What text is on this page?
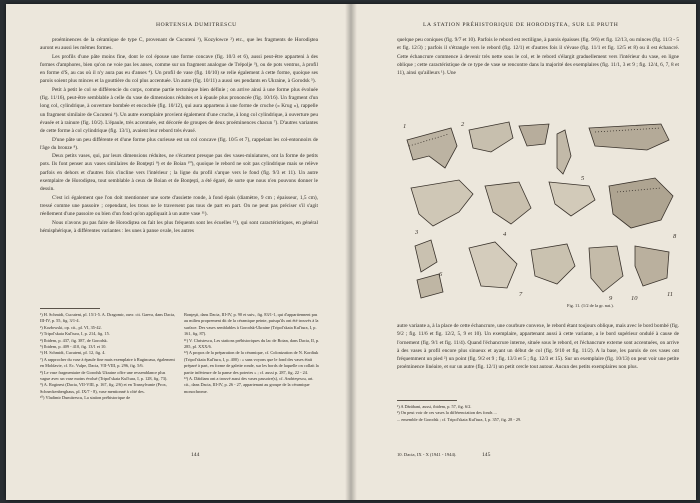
HORTENSIA DUMITRESCU

proéminences de la céramique de type C, provenant de Cucuteni ¹), Kozyłowce ²) etc., que les fragments de Horodiştea auront eu aussi les mêmes formes.

Les profils d'une pâte moins fine, dont le col épouse une forme concave (fig. 10/3 et 6), aussi peut-être apparteni à des formes d'amphores, bien qu'on ne voie pas les anses, comme sur un fragment analogue de Trépolje ³), ou de pots ventrus, à profil en forme d'S, au cas où il n'y aura pas eu d'anses ⁴). Un profil de vase (fig. 10/10) se relie également à cette forme, quoique ses parois soient plus minces et la gouttière du col plus accentuée. Un autre (fig. 10/11) a aussi ses pendants en Ukraine, à Gorodsk ⁵).

Petit à petit le col se différencie du corps, comme partie tectonique bien définie ; on arrive ainsi à une forme plus évoluée (fig. 11/16), peut-être semblable à celle du vase de dimensions réduites et à épaule plus prononcée (fig. 10/16). Un fragment d'un long col, cylindrique, à ouverture bombée et encochée (fig. 10/12), qui aura appartenu à une forme de cruche (« Krug »), rappelle un fragment similaire de Cucuteni ⁶). Un autre exemplaire provient également d'une cruche, à long col cylindrique, à ouverture peu évasée et à rainure (fig. 10/2). L'épaule, très accentuée, est décorée de groupes de deux proéminences chacun ⁷). D'autres variantes de cette forme à col cylindrique (fig. 13/1), avaient leur rebord très évasé.

D'une pâte un peu différente et d'une forme plus curieuse est un col concave (fig. 10/5 et 7), rappelant les col-entonnoirs de l'âge du bronze ⁸).

Deux petits vases, qui, par leurs dimensions réduites, ne s'écartent presque pas des vases-miniatures, ont la forme de petits pots. Ils font penser aux vases similaires de Bonţeşti ⁹) et de Boian ¹⁰), quoique le rebord ne soit pas cylindrique mais se relève parfois en dehors et d'autres fois s'incline vers l'intérieur ; la ligne du profil s'arque vers le fond (fig. 9/3 et 11). Un autre exemplaire de Horodiştea, tout semblable à ceux de Boian et de Bonţeşti, a été égaré, de sorte que nous n'en pouvons donner le dessin.

C'est ici également que l'on doit mentionner une sorte d'assiette ronde, à fond épais (diamètre, 9 cm ; épaisseur, 1,5 cm), tressé comme une passoire ; cependant, les trous ne le traversent pas tous de part en part. On ne peut pas préciser s'il s'agit réellement d'une passoire ou bien d'un fond qu'on appliquait à un autre vase ¹¹).

Nous n'avons pu pas faire de Horodiştea on fait les plus fréquents sont les écuelles ¹²), qui sont caractéristiques, en général hémisphérique, à différentes variantes : les unes à panse ovale, les autres

¹) H. Schmidt, Cucuteni, pl. 15/1-5. A. Dragomir, ouvr. cit. Gaeva, dans Dacia, III-IV, p. 55, fig. 3/1-4.
²) Kozłowski, op. cit., pl. VI, 35-42.
³) Tripol'skaia Kul'tura, I, p. 214, fig. 15.
⁴) Ibidem, p. 437, fig. 387, de Gorodsk.
⁵) Ibidem, p. 409 - 410, fig. 13/1 et 10.
⁶) H. Schmidt, Cucuteni, pl. 12, fig. 4.
⁷) A rapprocher du vase à épaule fine mais exemplaire à Ruginoasa, également en Moldavie, cf. Ec. Vulpe, Dacia, VII-VIII, p. 296, fig. 5/6.
⁸) Le vase fragmentaire de Gorodsk Ukraine offre une ressemblance plus vague avec un vase moins évolué (Tripol'skaia Kul'tura, I, p. 128, fig. 73).
⁹) A. Roginest (Dacia, VII-VIII, p. 167, fig. 2/6) et en Transylvanie (Prox, Schneckenberghaus, pl. IX/7 - 8), vase mentionné à côté des.
¹⁰) Vladimir Dumitrescu, La station préhistorique de
Bonţeşti, dans Dacia, III-IV, p. 90 et suiv., fig. 83/1-1, qui d'appartiennent pas au milieu proprement dit de la céramique peinte, puisqu'ils ont été trouvés à la surface. Des vases semblables à Gorodsk-Ukraine (Tripol'skaia Kul'tura, I, p. 161, fig. 87).
¹¹) V. Christescu, Les stations préhistoriques du lac de Boian, dans Dacia, II, p. 285, pl. XXX/6.
¹²) A propos de la préparation de la céramique, cf. Colonization de N. Kordiuk (Tripol'skaia Kul'tura, I, p. 400) : « sans voyons que le fond des vases était préparé à part, en forme de galette ronde, sur les bords de laquelle on collait la partie inférieure de la panse des poteries » ; cf. aussi p. 287, fig. 22 - 24.
¹³) A. Dăidiam ont a trouvé aussi des vases passoire(s), cf. Andrieşescu, art. cit., dans Dacia, III-IV, p. 26 - 27, appartenant au groupe de la céramique monochrome.
144
LA STATION PRÉHISTORIQUE DE HORODIŞTEA, SUR LE PRUTH

quelque peu coniques (fig. 9/7 et 10). Parfois le rebord est rectiligne, à parois épaisses (fig. 9/6) et fig. 12/13, ou minces (fig. 11/3 - 5 et fig. 12/3) ; parfois il s'étrangle vers le rebord (fig. 12/1) et d'autres fois il s'évase (fig. 11/1 et fig. 12/5 et 8) ou il est échancré. Cette échancrure commence à devenir très nette sous le col, et le rebord s'élargit graduellement vers l'intérieur du vase, en ligne oblique ; cette caractéristique de ce type de vase se rencontre dans la majorité des exemplaires (fig. 11/1, 3 et 9 ; fig. 12/4, 6, 7, 8 et 11), ainsi qu'ailleurs ¹). Une

1	2
3	4
5
6
7
8
9	10
11
Fig. 11. (1/2 de la gr. nat.).

autre variante a, à la place de cette échancrure, une courbure convexe, le rebord étant toujours oblique, mais avec le bord bombé (fig. 9/2 ; fig. 11/6 et fig. 12/2, 5, 9 et 10). Un exemplaire, appartenant aussi à cette variante, a le bord supérieur ondulé à cause de l'ornement (fig. 9/1 et fig. 11/4). Quand l'échancrure interne, située sous le rebord, et l'échancrure externe sont accentuées, on arrive à des vases à profil encore plus sinueux et ayant un début de col (fig. 9/10 et fig. 11/2). A la base, les parois de ces vases ont fréquemment un pied ²) un point (fig. 9/2 et 9 ; fig. 13/3 et 5 ; fig. 12/3 et 15). Sur un exemplaire (fig. 10/13) on peut voir une petite proéminence linéaire, et sur un autre (fig. 12/1) un petit cercle tout autour. Aucun des petits exemplaires non plus.

¹) A Dărăbani, aussi, ibidem, p. 57, fig. 6/2.
²) On peut voir de ces vases la différenciation des fonds ...
... ensemble de Gorodsk ; cf. Tripol'skaia Kul'tura, I, p. 357, fig. 28 - 29.
10. Dacia, IX - X (1941 - 1944).	145
